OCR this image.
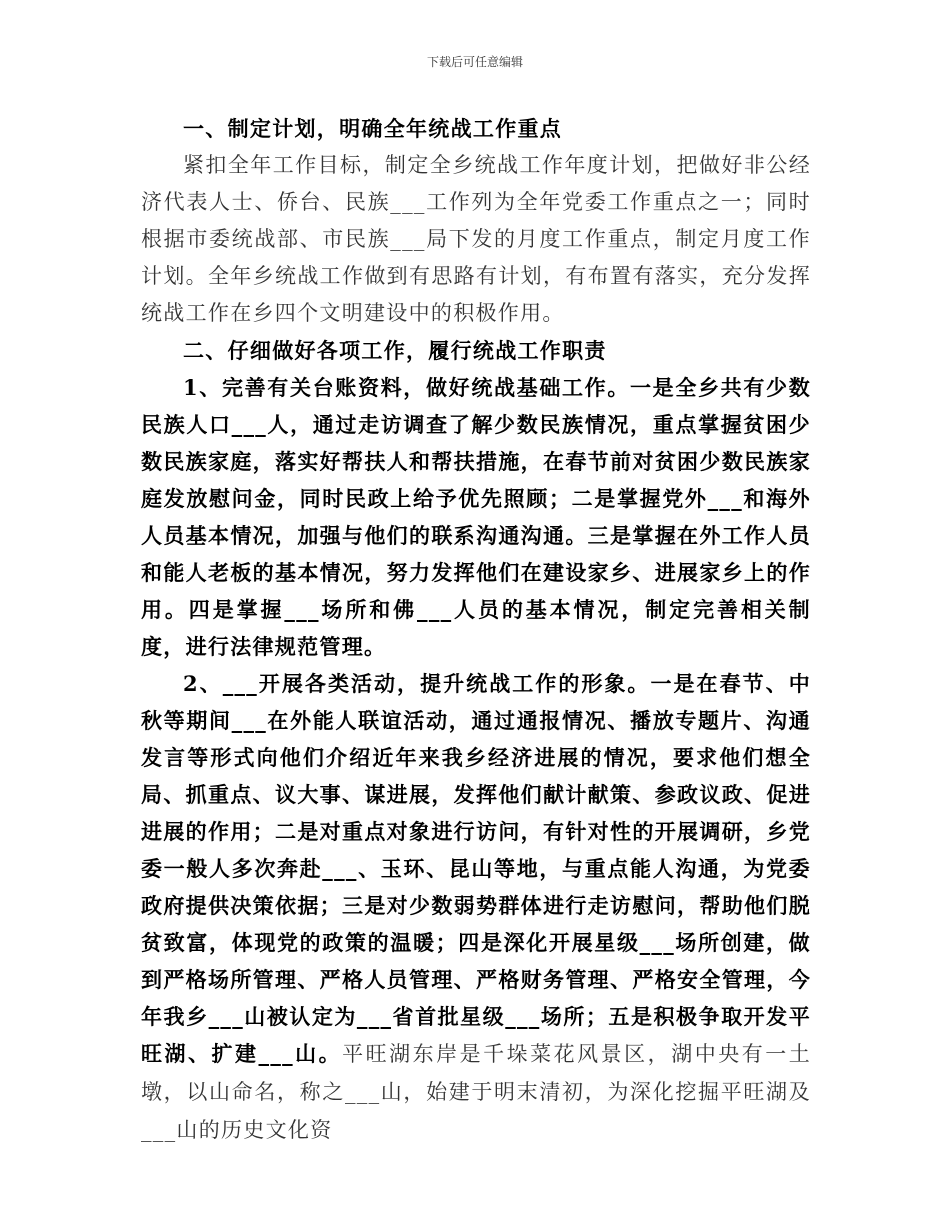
下载后可任意编辑

一、制定计划，明确全年统战工作重点

紧扣全年工作目标，制定全乡统战工作年度计划，把做好非公经济代表人士、侨台、民族___工作列为全年党委工作重点之一；同时根据市委统战部、市民族___局下发的月度工作重点，制定月度工作计划。全年乡统战工作做到有思路有计划，有布置有落实，充分发挥统战工作在乡四个文明建设中的积极作用。

二、仔细做好各项工作，履行统战工作职责

1、完善有关台账资料，做好统战基础工作。一是全乡共有少数民族人口___人，通过走访调查了解少数民族情况，重点掌握贫困少数民族家庭，落实好帮扶人和帮扶措施，在春节前对贫困少数民族家庭发放慰问金，同时民政上给予优先照顾；二是掌握党外___和海外人员基本情况，加强与他们的联系沟通沟通。三是掌握在外工作人员和能人老板的基本情况，努力发挥他们在建设家乡、进展家乡上的作用。四是掌握___场所和佛___人员的基本情况，制定完善相关制度，进行法律规范管理。

2、___开展各类活动，提升统战工作的形象。一是在春节、中秋等期间___在外能人联谊活动，通过通报情况、播放专题片、沟通发言等形式向他们介绍近年来我乡经济进展的情况，要求他们想全局、抓重点、议大事、谋进展，发挥他们献计献策、参政议政、促进进展的作用；二是对重点对象进行访问，有针对性的开展调研，乡党委一般人多次奔赴___、玉环、昆山等地，与重点能人沟通，为党委政府提供决策依据；三是对少数弱势群体进行走访慰问，帮助他们脱贫致富，体现党的政策的温暖；四是深化开展星级___场所创建，做到严格场所管理、严格人员管理、严格财务管理、严格安全管理，今年我乡___山被认定为___省首批星级___场所；五是积极争取开发平旺湖、扩建___山。平旺湖东岸是千垛菜花风景区，湖中央有一土墩，以山命名，称之___山，始建于明末清初，为深化挖掘平旺湖及___山的历史文化资
